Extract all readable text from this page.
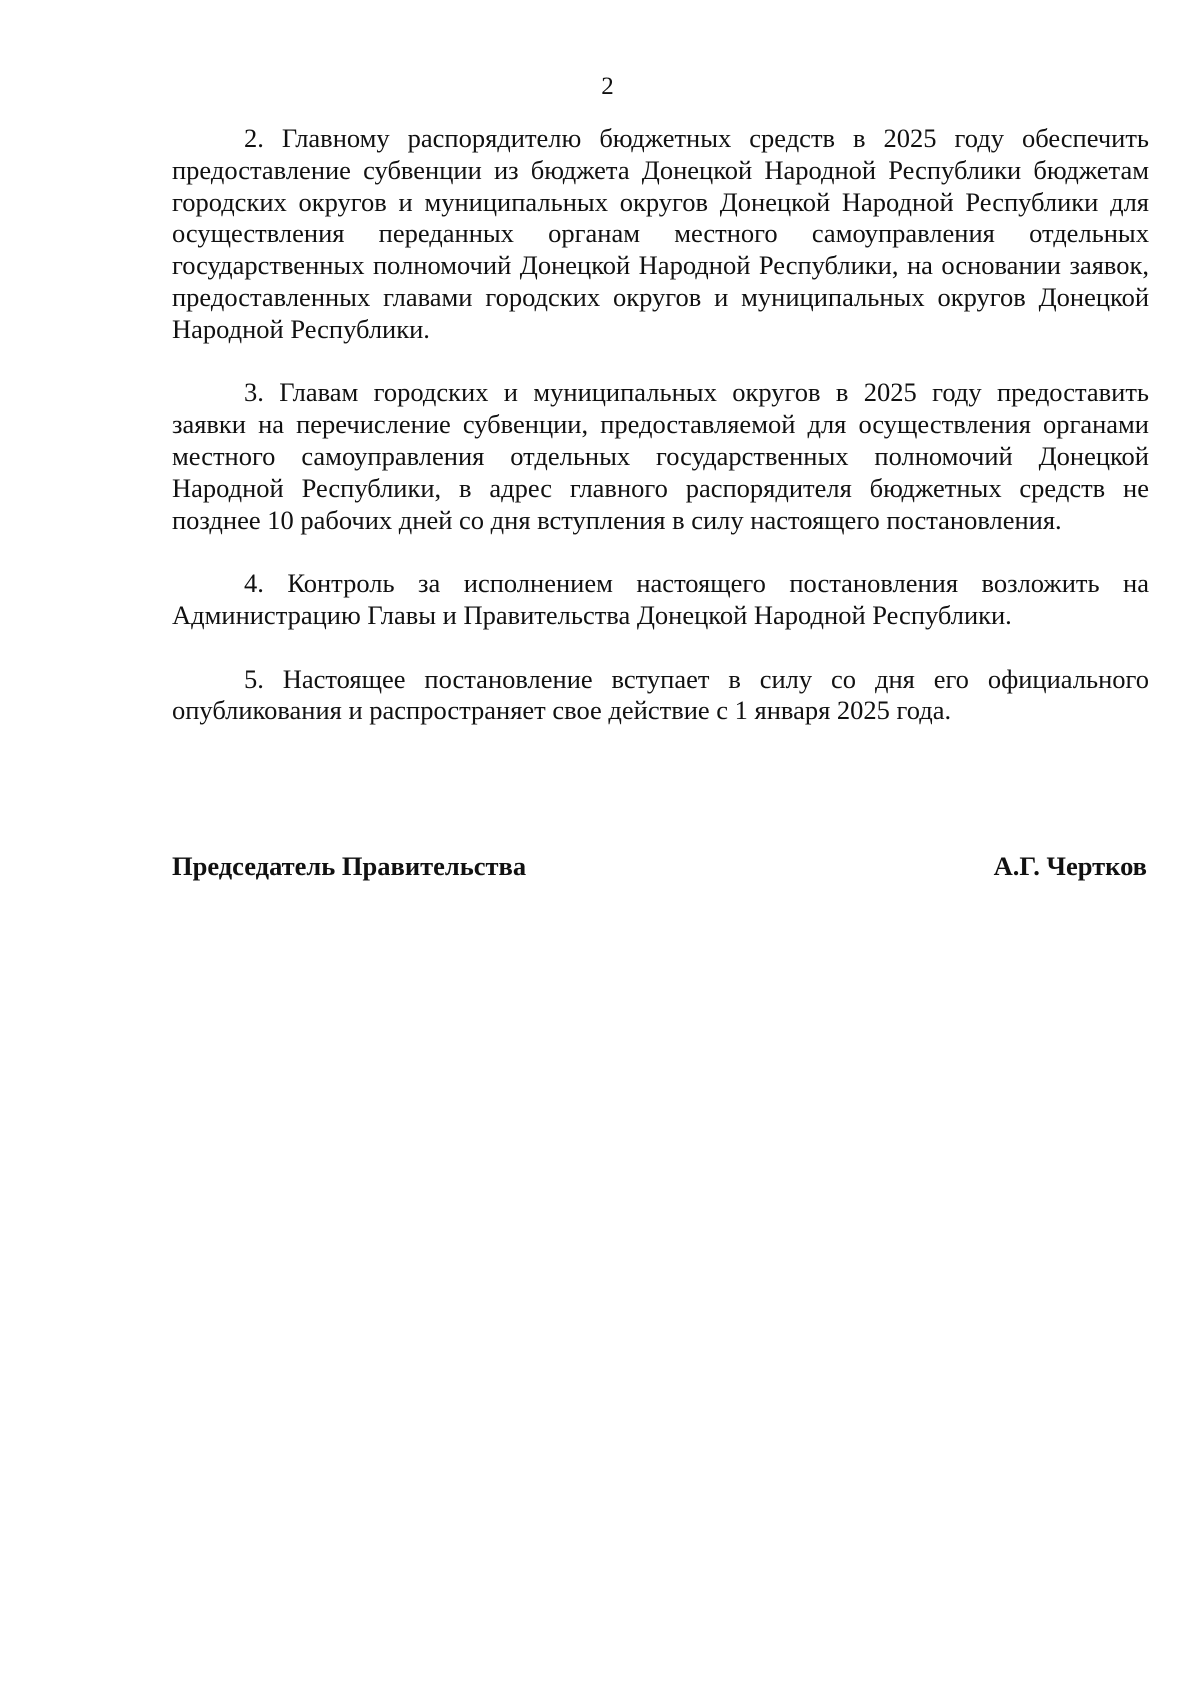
2

2. Главному распорядителю бюджетных средств в 2025 году обеспечить предоставление субвенции из бюджета Донецкой Народной Республики бюджетам городских округов и муниципальных округов Донецкой Народной Республики для осуществления переданных органам местного самоуправления отдельных государственных полномочий Донецкой Народной Республики, на основании заявок, предоставленных главами городских округов и муниципальных округов Донецкой Народной Республики.

3. Главам городских и муниципальных округов в 2025 году предоставить заявки на перечисление субвенции, предоставляемой для осуществления органами местного самоуправления отдельных государственных полномочий Донецкой Народной Республики, в адрес главного распорядителя бюджетных средств не позднее 10 рабочих дней со дня вступления в силу настоящего постановления.

4. Контроль за исполнением настоящего постановления возложить на Администрацию Главы и Правительства Донецкой Народной Республики.

5. Настоящее постановление вступает в силу со дня его официального опубликования и распространяет свое действие с 1 января 2025 года.

Председатель Правительства	А.Г. Чертков
